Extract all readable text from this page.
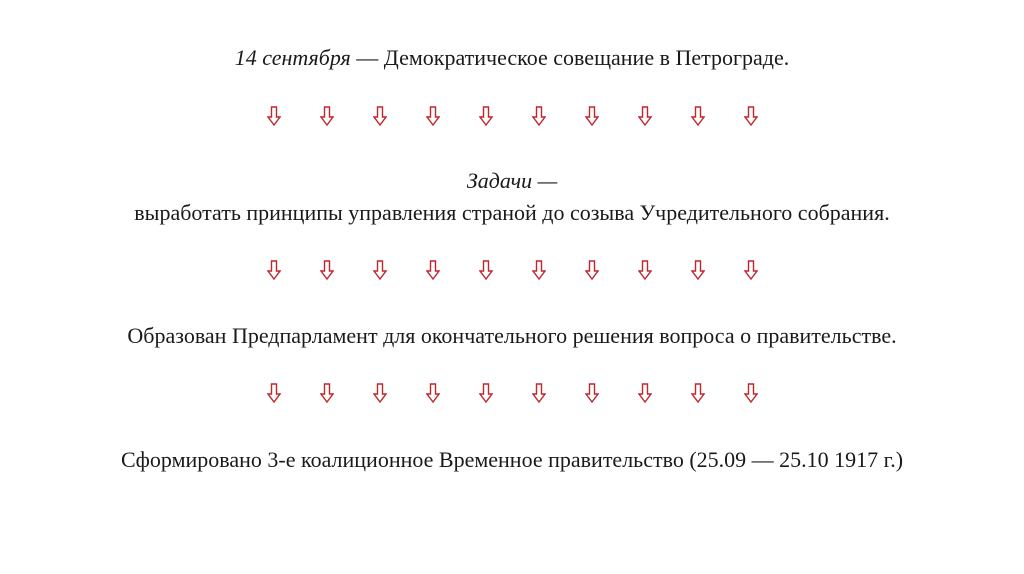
14 сентября — Демократическое совещание в Петрограде.
Задачи —
выработать принципы управления страной до созыва Учредительного собрания.
Образован Предпарламент для окончательного решения вопроса о правительстве.
Сформировано 3-е коалиционное Временное правительство (25.09 — 25.10 1917 г.)
